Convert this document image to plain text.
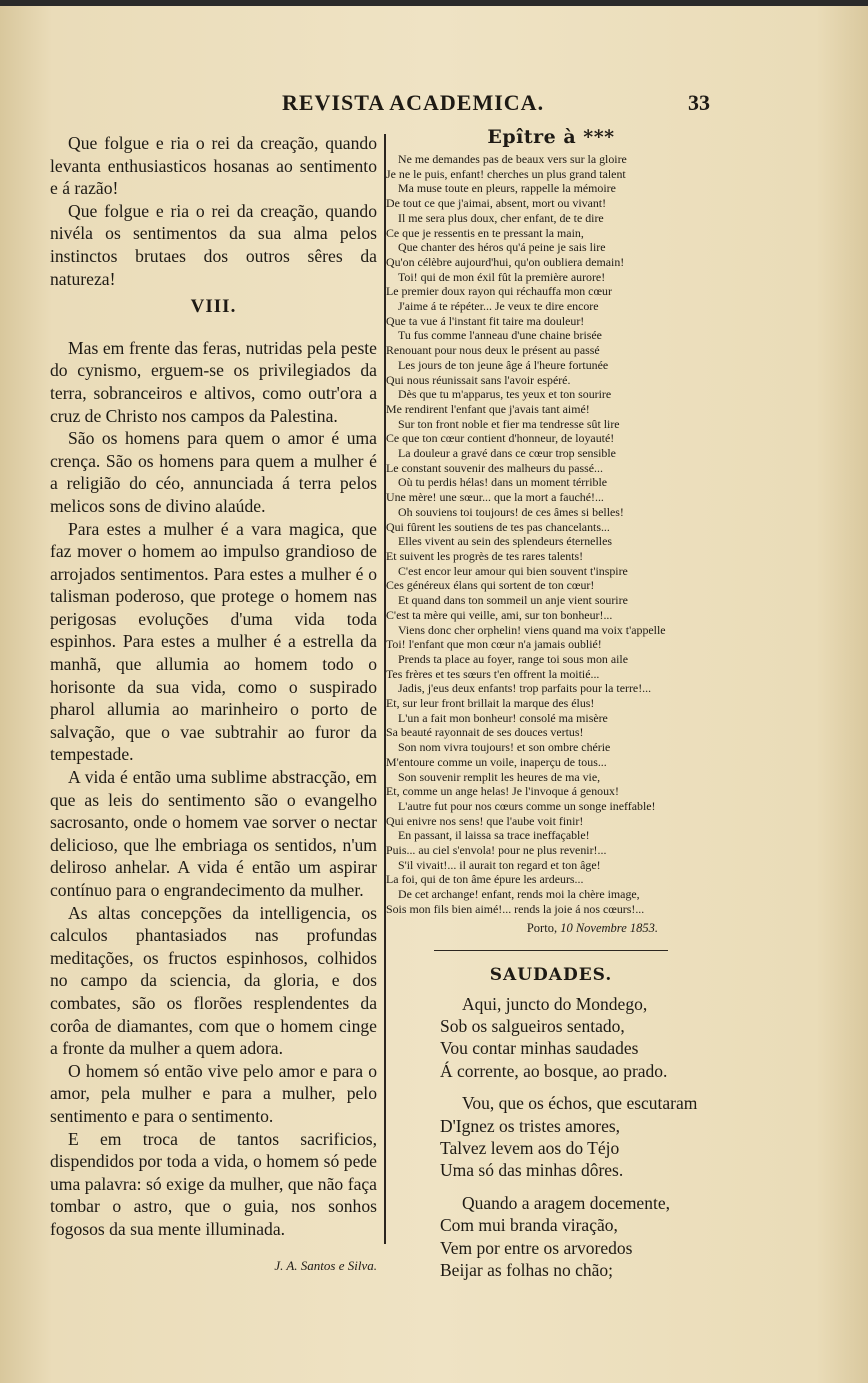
REVISTA ACADEMICA.	33

Que folgue e ria o rei da creação, quando levanta enthusiasticos hosanas ao sentimento e á razão!

Que folgue e ria o rei da creação, quando nivéla os sentimentos da sua alma pelos instinctos brutaes dos outros sêres da natureza!

VIII.

Mas em frente das feras, nutridas pela peste do cynismo, erguem-se os privilegiados da terra, sobranceiros e altivos, como outr'ora a cruz de Christo nos campos da Palestina.

São os homens para quem o amor é uma crença. São os homens para quem a mulher é a religião do céo, annunciada á terra pelos melicos sons de divino alaúde.

Para estes a mulher é a vara magica, que faz mover o homem ao impulso grandioso de arrojados sentimentos. Para estes a mulher é o talisman poderoso, que protege o homem nas perigosas evoluções d'uma vida toda espinhos. Para estes a mulher é a estrella da manhã, que allumia ao homem todo o horisonte da sua vida, como o suspirado pharol allumia ao marinheiro o porto de salvação, que o vae subtrahir ao furor da tempestade.

A vida é então uma sublime abstracção, em que as leis do sentimento são o evangelho sacrosanto, onde o homem vae sorver o nectar delicioso, que lhe embriaga os sentidos, n'um deliroso anhelar. A vida é então um aspirar contínuo para o engrandecimento da mulher.

As altas concepções da intelligencia, os calculos phantasiados nas profundas meditações, os fructos espinhosos, colhidos no campo da sciencia, da gloria, e dos combates, são os florões resplendentes da corôa de diamantes, com que o homem cinge a fronte da mulher a quem adora.

O homem só então vive pelo amor e para o amor, pela mulher e para a mulher, pelo sentimento e para o sentimento.

E em troca de tantos sacrificios, dispendidos por toda a vida, o homem só pede uma palavra: só exige da mulher, que não faça tombar o astro, que o guia, nos sonhos fogosos da sua mente illuminada.

J. A. Santos e Silva.
Epître à ***
Ne me demandes pas de beaux vers sur la gloire
Je ne le puis, enfant! cherches un plus grand talent
Ma muse toute en pleurs, rappelle la mémoire
De tout ce que j'aimai, absent, mort ou vivant!
Il me sera plus doux, cher enfant, de te dire
Ce que je ressentis en te pressant la main,
Que chanter des héros qu'á peine je sais lire
Qu'on célèbre aujourd'hui, qu'on oubliera demain!
Toi! qui de mon éxil fût la première aurore!
Le premier doux rayon qui réchauffa mon cœur
J'aime á te répéter... Je veux te dire encore
Que ta vue á l'instant fit taire ma douleur!
Tu fus comme l'anneau d'une chaine brisée
Renouant pour nous deux le présent au passé
Les jours de ton jeune âge á l'heure fortunée
Qui nous réunissait sans l'avoir espéré.
Dès que tu m'apparus, tes yeux et ton sourire
Me rendirent l'enfant que j'avais tant aimé!
Sur ton front noble et fier ma tendresse sût lire
Ce que ton cœur contient d'honneur, de loyauté!
La douleur a gravé dans ce cœur trop sensible
Le constant souvenir des malheurs du passé...
Où tu perdis hélas! dans un moment térrible
Une mère! une sœur... que la mort a fauché!...
Oh souviens toi toujours! de ces âmes si belles!
Qui fûrent les soutiens de tes pas chancelants...
Elles vivent au sein des splendeurs éternelles
Et suivent les progrès de tes rares talents!
C'est encor leur amour qui bien souvent t'inspire
Ces généreux élans qui sortent de ton cœur!
Et quand dans ton sommeil un anje vient sourire
C'est ta mère qui veille, ami, sur ton bonheur!...
Viens donc cher orphelin! viens quand ma voix t'appelle
Toi! l'enfant que mon cœur n'a jamais oublié!
Prends ta place au foyer, range toi sous mon aile
Tes frères et tes sœurs t'en offrent la moitié...
Jadis, j'eus deux enfants! trop parfaits pour la terre!...
Et, sur leur front brillait la marque des élus!
L'un a fait mon bonheur! consolé ma misère
Sa beauté rayonnait de ses douces vertus!
Son nom vivra toujours! et son ombre chérie
M'entoure comme un voile, inaperçu de tous...
Son souvenir remplit les heures de ma vie,
Et, comme un ange helas! Je l'invoque á genoux!
L'autre fut pour nos cœurs comme un songe ineffable!
Qui enivre nos sens! que l'aube voit finir!
En passant, il laissa sa trace ineffaçable!
Puis... au ciel s'envola! pour ne plus revenir!...
S'il vivait!... il aurait ton regard et ton âge!
La foi, qui de ton âme épure les ardeurs...
De cet archange! enfant, rends moi la chère image,
Sois mon fils bien aimé!... rends la joie á nos cœurs!...
Porto, 10 Novembre 1853.
SAUDADES.
Aqui, juncto do Mondego,
Sob os salgueiros sentado,
Vou contar minhas saudades
Á corrente, ao bosque, ao prado.
Vou, que os échos, que escutaram
D'Ignez os tristes amores,
Talvez levem aos do Téjo
Uma só das minhas dôres.
Quando a aragem docemente,
Com mui branda viração,
Vem por entre os arvoredos
Beijar as folhas no chão;
